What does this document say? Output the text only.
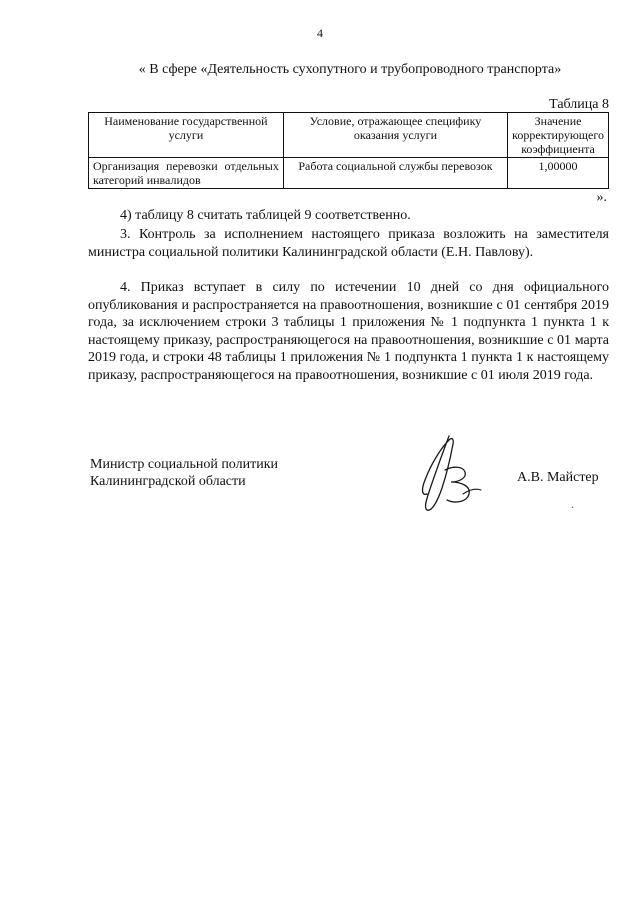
4
« В сфере «Деятельность сухопутного и трубопроводного транспорта»
Таблица 8
Наименование государственной услуги	Условие, отражающее специфику оказания услуги	Значение корректирующего коэффициента
Организация перевозки отдельных категорий инвалидов	Работа социальной службы перевозок	1,00000
».

4) таблицу 8 считать таблицей 9 соответственно.

3. Контроль за исполнением настоящего приказа возложить на заместителя министра социальной политики Калининградской области (Е.Н. Павлову).

4. Приказ вступает в силу по истечении 10 дней со дня официального опубликования и распространяется на правоотношения, возникшие с 01 сентября 2019 года, за исключением строки 3 таблицы 1 приложения № 1 подпункта 1 пункта 1 к настоящему приказу, распространяющегося на правоотношения, возникшие с 01 марта 2019 года, и строки 48 таблицы 1 приложения № 1 подпункта 1 пункта 1 к настоящему приказу, распространяющегося на правоотношения, возникшие с 01 июля 2019 года.

Министр социальной политики
Калининградской области	А.В. Майстер
.
